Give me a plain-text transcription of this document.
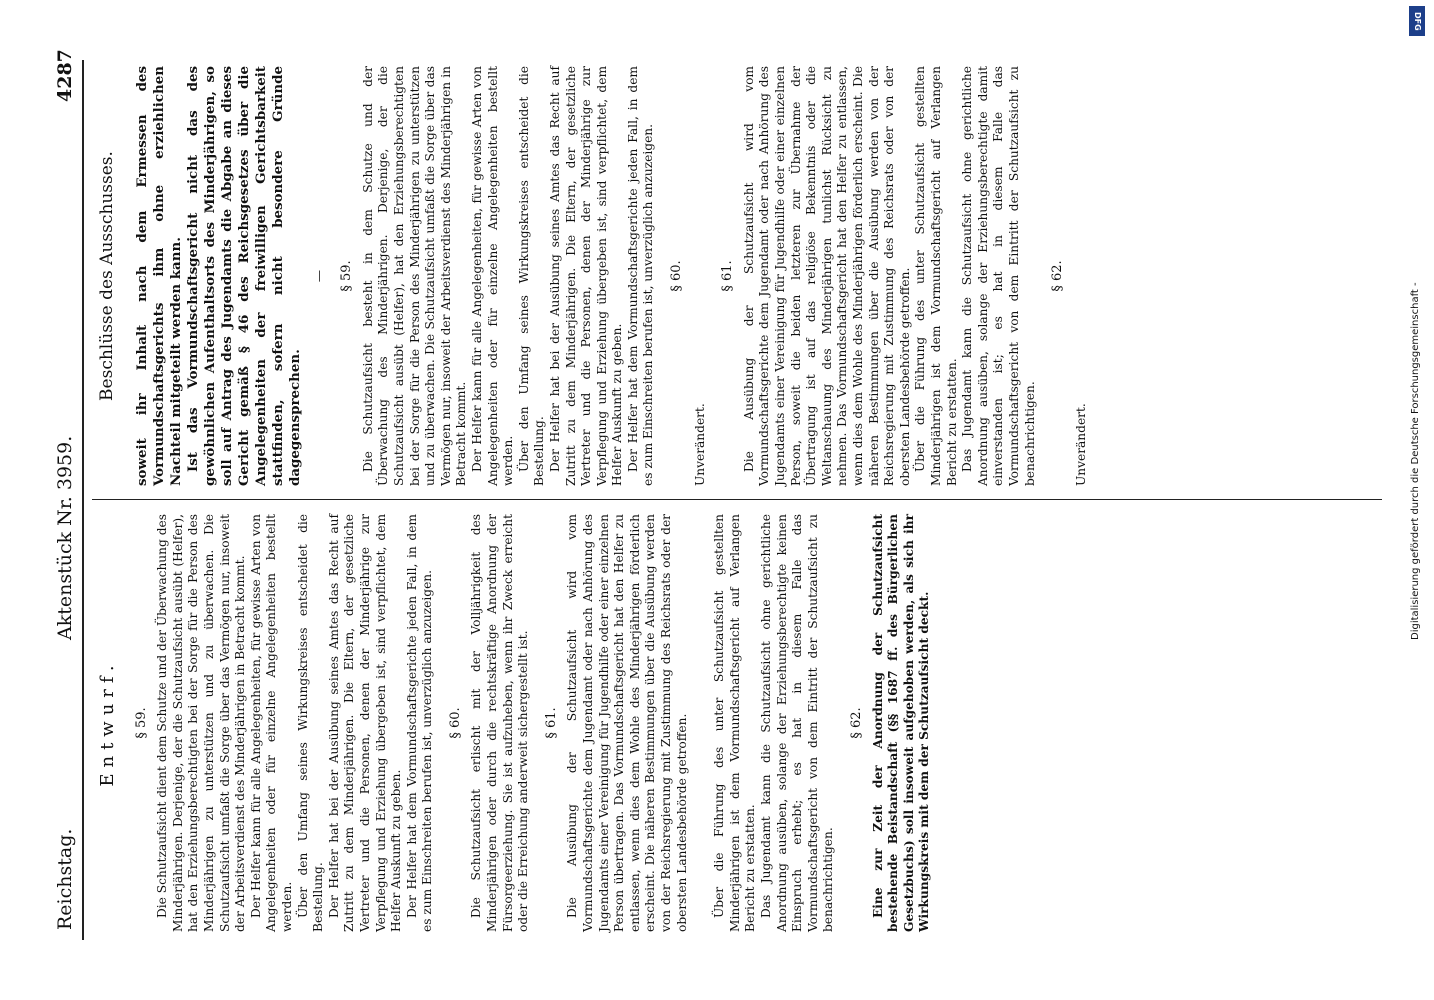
Reichstag.
Aktenstück Nr. 3959.
4287

Entwurf. § 59. Die Schutzaufsicht dient dem Schutze und der Überwachung des Minderjährigen. Derjenige, der die Schutzaufsicht ausübt (Helfer), hat den Erziehungsberechtigten bei der Sorge für die Person des Minderjährigen zu unterstützen und zu überwachen. Die Schutzaufsicht umfaßt die Sorge über das Vermögen nur, insoweit der Arbeitsverdienst des Minderjährigen in Betracht kommt. Der Helfer kann für alle Angelegenheiten, für gewisse Arten von Angelegenheiten oder für einzelne Angelegenheiten bestellt werden. Über den Umfang seines Wirkungskreises entscheidet die Bestellung. Der Helfer hat bei der Ausübung seines Amtes das Recht auf Zutritt zu dem Minderjährigen. Die Eltern, der gesetzliche Vertreter und die Personen, denen der Minderjährige zur Verpflegung und Erziehung übergeben ist, sind verpflichtet, dem Helfer Auskunft zu geben. Der Helfer hat dem Vormundschaftsgerichte jeden Fall, in dem es zum Einschreiten berufen ist, unverzüglich anzuzeigen. § 60. Die Schutzaufsicht erlischt mit der Volljährigkeit des Minderjährigen oder durch die rechtskräftige Anordnung der Fürsorgeerziehung. Sie ist aufzuheben, wenn ihr Zweck erreicht oder die Erreichung anderweit sichergestellt ist. § 61. Die Ausübung der Schutzaufsicht wird vom Vormundschaftsgerichte dem Jugendamt oder nach Anhörung des Jugendamts einer Vereinigung für Jugendhilfe oder einer einzelnen Person übertragen. Das Vormundschaftsgericht hat den Helfer zu entlassen, wenn dies dem Wohle des Minderjährigen förderlich erscheint. Die näheren Bestimmungen über die Ausübung werden von der Reichsregierung mit Zustimmung des Reichsrats oder der obersten Landesbehörde getroffen. Über die Führung des unter Schutzaufsicht gestellten Minderjährigen ist dem Vormundschaftsgericht auf Verlangen Bericht zu erstatten. Das Jugendamt kann die Schutzaufsicht ohne gerichtliche Anordnung ausüben, solange der Erziehungsberechtigte keinen Einspruch erhebt; es hat in diesem Falle das Vormundschaftsgericht von dem Eintritt der Schutzaufsicht zu benachrichtigen.

§ 62. Eine zur Zeit der Anordnung der Schutzaufsicht bestehende Beistandschaft (§§ 1687 ff. des Bürgerlichen Gesetzbuchs) soll insoweit aufgehoben werden, als sich ihr Wirkungskreis mit dem der Schutzaufsicht deckt.

Beschlüsse des Ausschusses. soweit ihr Inhalt nach dem Ermessen des Vormundschaftsgerichts ihm ohne erziehlichen Nachteil mitgeteilt werden kann. Ist das Vormundschaftsgericht nicht das des gewöhnlichen Aufenthaltsorts des Minderjährigen, so soll auf Antrag des Jugendamts die Abgabe an dieses Gericht gemäß § 46 des Reichsgesetzes über die Angelegenheiten der freiwilligen Gerichtsbarkeit stattfinden, sofern nicht besondere Gründe dagegensprechen.

— § 59. Die Schutzaufsicht besteht in dem Schutze und der Überwachung des Minderjährigen. Derjenige, der die Schutzaufsicht ausübt (Helfer), hat den Erziehungsberechtigten bei der Sorge für die Person des Minderjährigen zu unterstützen und zu überwachen. Die Schutzaufsicht umfaßt die Sorge über das Vermögen nur, insoweit der Arbeitsverdienst des Minderjährigen in Betracht kommt. Der Helfer kann für alle Angelegenheiten, für gewisse Arten von Angelegenheiten oder für einzelne Angelegenheiten bestellt werden. Über den Umfang seines Wirkungskreises entscheidet die Bestellung. Der Helfer hat bei der Ausübung seines Amtes das Recht auf Zutritt zu dem Minderjährigen. Die Eltern, der gesetzliche Vertreter und die Personen, denen der Minderjährige zur Verpflegung und Erziehung übergeben ist, sind verpflichtet, dem Helfer Auskunft zu geben. Der Helfer hat dem Vormundschaftsgerichte jeden Fall, in dem es zum Einschreiten berufen ist, unverzüglich anzuzeigen. § 60.

Unverändert.

§ 61. Die Ausübung der Schutzaufsicht wird vom Vormundschaftsgerichte dem Jugendamt oder nach Anhörung des Jugendamts einer Vereinigung für Jugendhilfe oder einer einzelnen Person, soweit die beiden letzteren zur Übernahme der Übertragung ist auf das religiöse Bekenntnis oder die Weltanschauung des Minderjährigen tunlichst Rücksicht zu nehmen. Das Vormundschaftsgericht hat den Helfer zu entlassen, wenn dies dem Wohle des Minderjährigen förderlich erscheint. Die näheren Bestimmungen über die Ausübung werden von der Reichsregierung mit Zustimmung des Reichsrats oder von der obersten Landesbehörde getroffen. Über die Führung des unter Schutzaufsicht gestellten Minderjährigen ist dem Vormundschaftsgericht auf Verlangen Bericht zu erstatten. Das Jugendamt kann die Schutzaufsicht ohne gerichtliche Anordnung ausüben, solange der Erziehungsberechtigte damit einverstanden ist; es hat in diesem Falle das Vormundschaftsgericht von dem Eintritt der Schutzaufsicht zu benachrichtigen.

§ 62.

Unverändert.

DFG
Digitalisierung gefördert durch die Deutsche Forschungsgemeinschaft -
